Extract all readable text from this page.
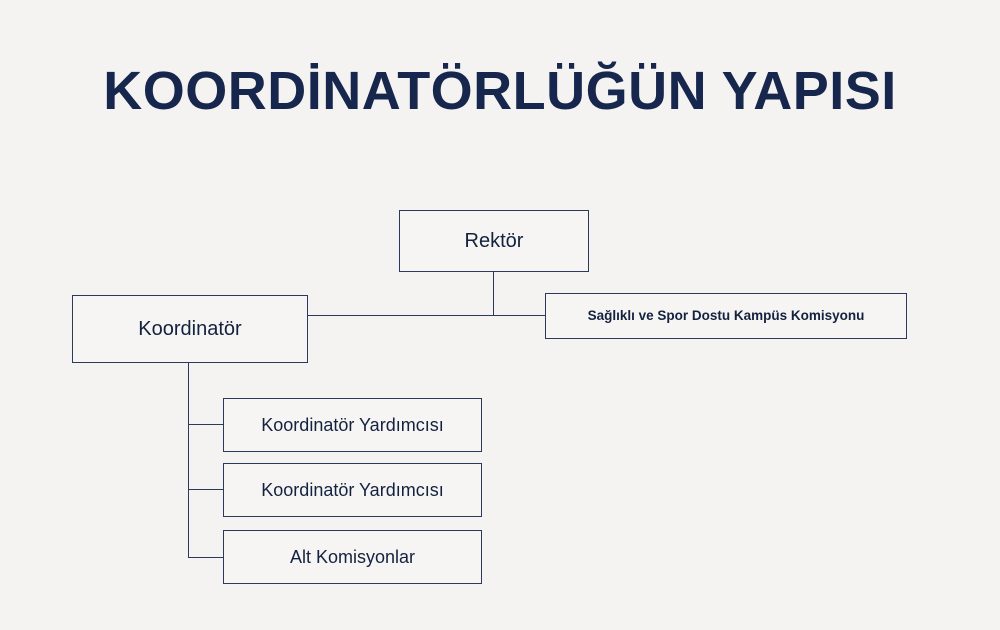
KOORDİNATÖRLÜĞÜN YAPISI
Rektör
Sağlıklı ve Spor Dostu Kampüs Komisyonu
Koordinatör
Koordinatör Yardımcısı
Koordinatör Yardımcısı
Alt Komisyonlar
